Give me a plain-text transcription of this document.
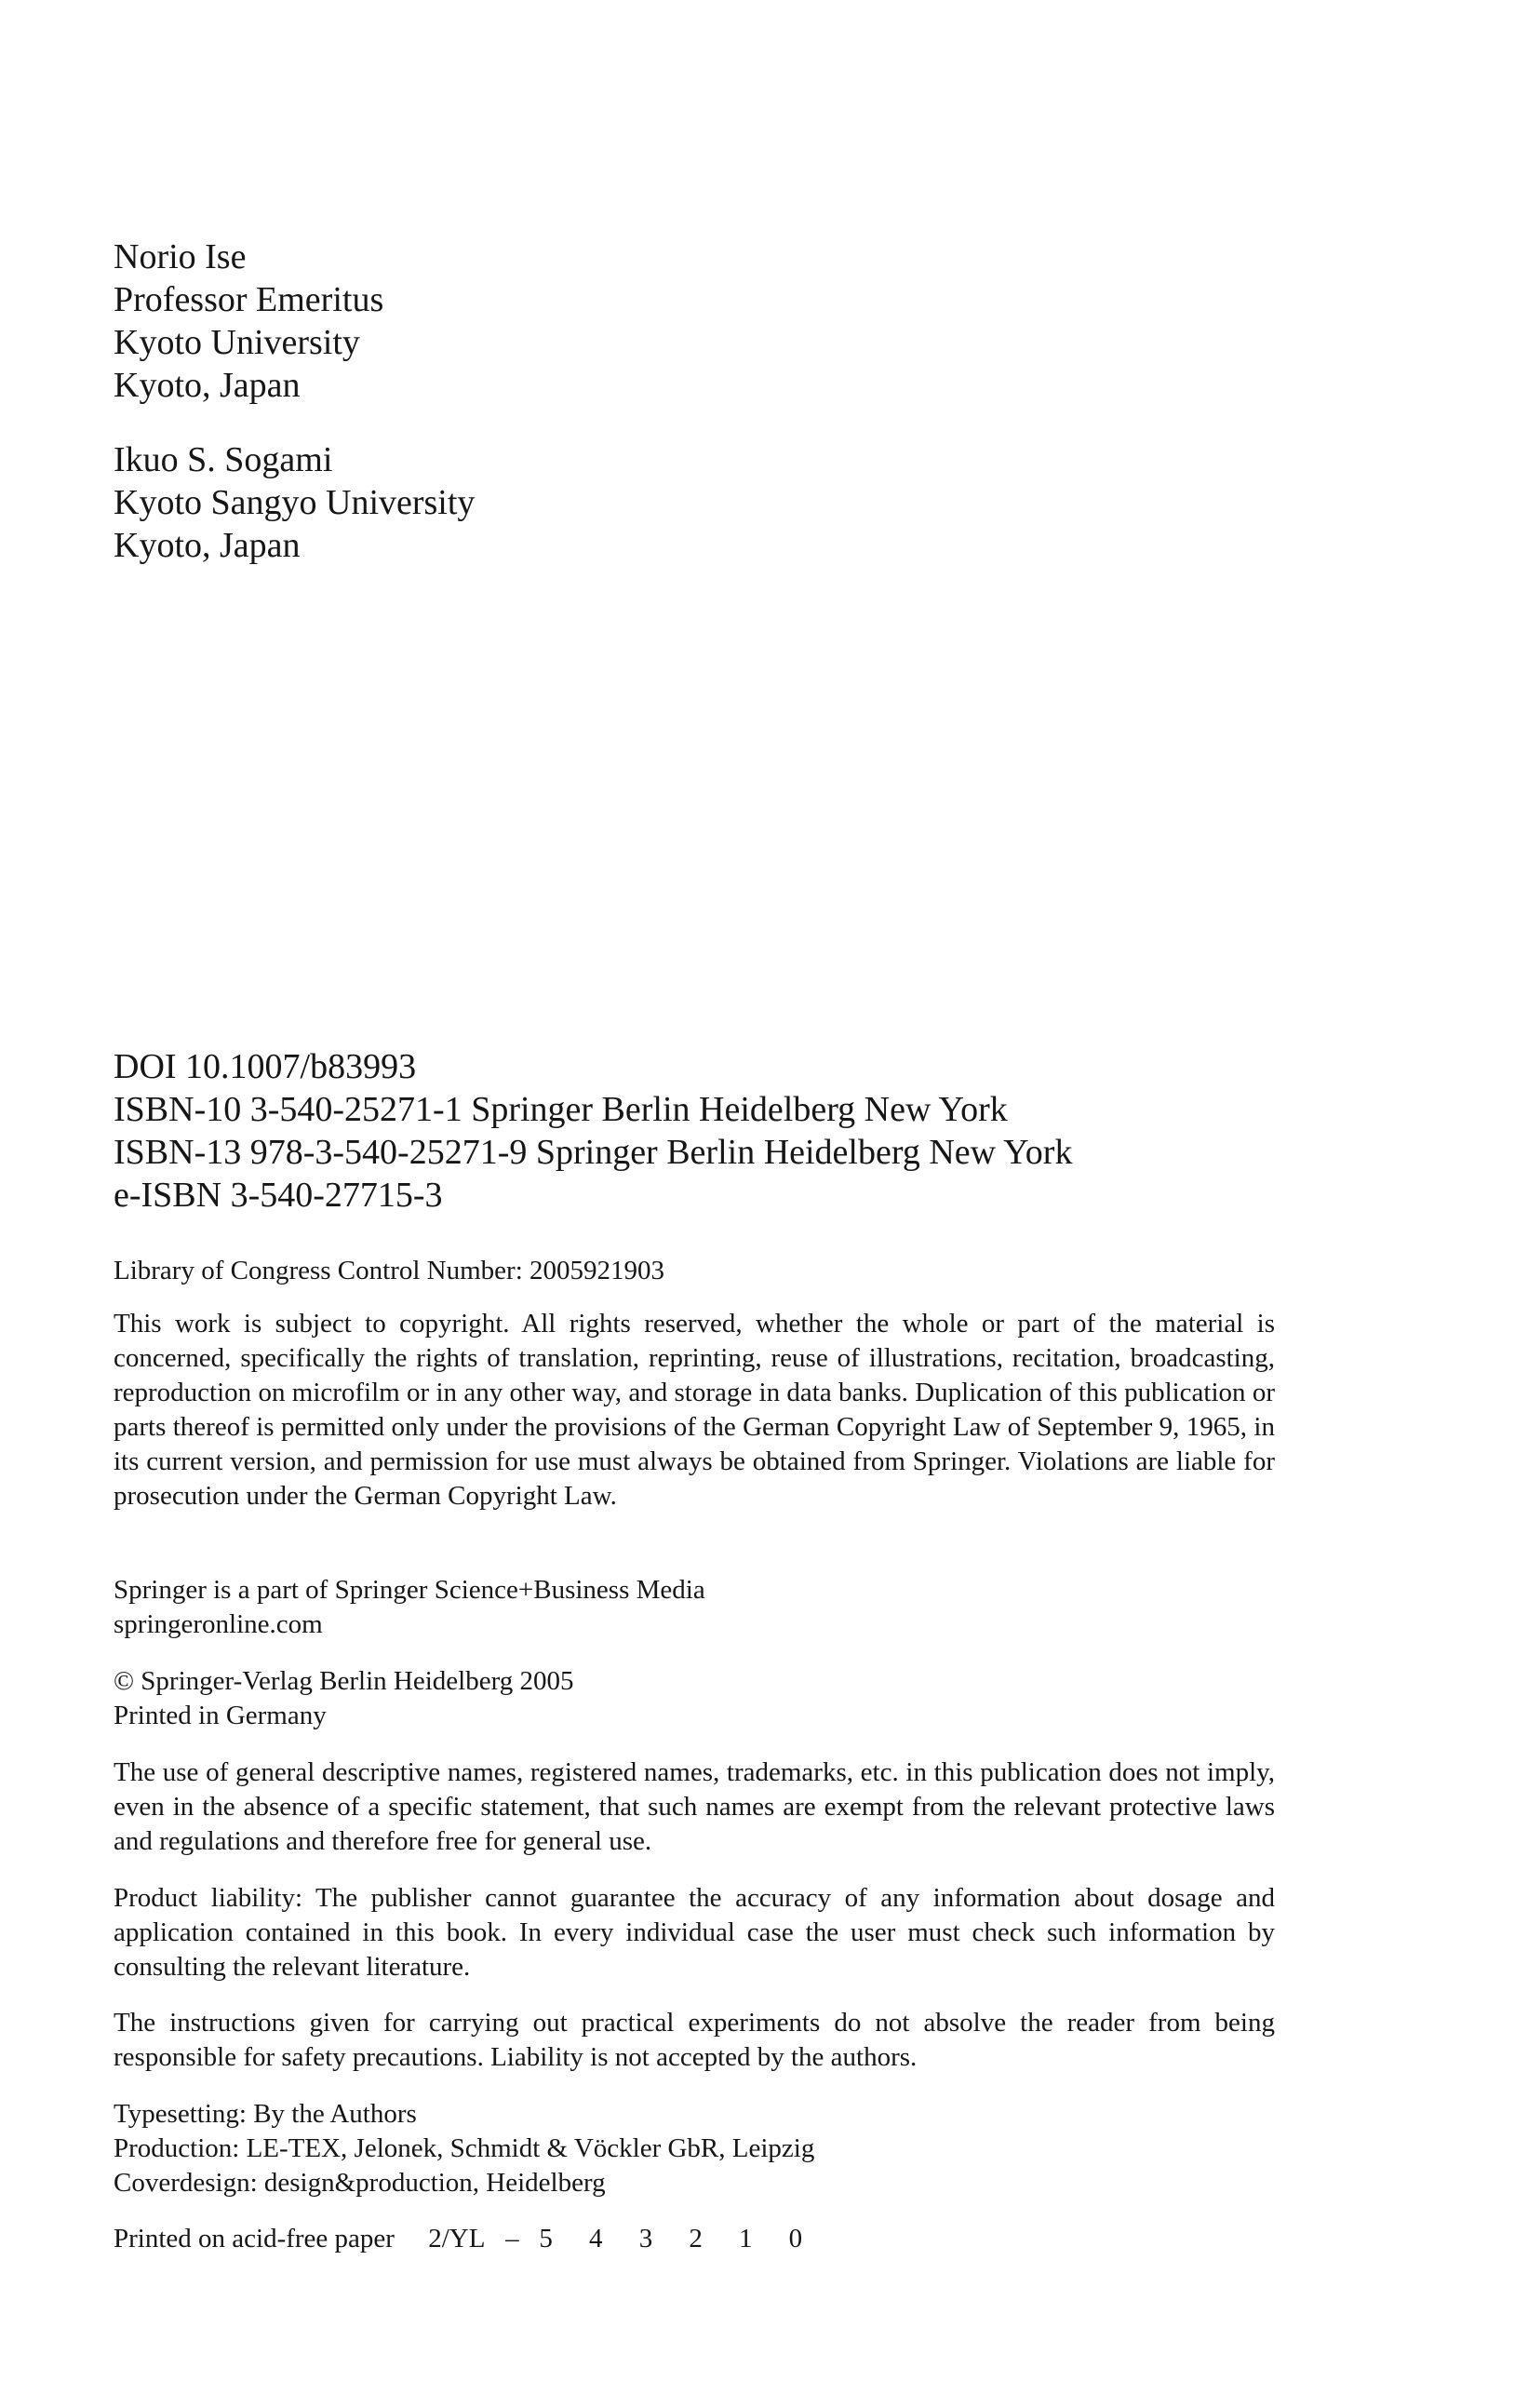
Norio Ise
Professor Emeritus
Kyoto University
Kyoto, Japan
Ikuo S. Sogami
Kyoto Sangyo University
Kyoto, Japan
DOI 10.1007/b83993
ISBN-10 3-540-25271-1 Springer Berlin Heidelberg New York
ISBN-13 978-3-540-25271-9 Springer Berlin Heidelberg New York
e-ISBN 3-540-27715-3
Library of Congress Control Number: 2005921903
This work is subject to copyright. All rights reserved, whether the whole or part of the material is concerned, specifically the rights of translation, reprinting, reuse of illustrations, recitation, broadcasting, reproduction on microfilm or in any other way, and storage in data banks. Duplication of this publication or parts thereof is permitted only under the provisions of the German Copyright Law of September 9, 1965, in its current version, and permission for use must always be obtained from Springer. Violations are liable for prosecution under the German Copyright Law.
Springer is a part of Springer Science+Business Media
springeronline.com
© Springer-Verlag Berlin Heidelberg 2005
Printed in Germany
The use of general descriptive names, registered names, trademarks, etc. in this publication does not imply, even in the absence of a specific statement, that such names are exempt from the relevant protective laws and regulations and therefore free for general use.
Product liability: The publisher cannot guarantee the accuracy of any information about dosage and application contained in this book. In every individual case the user must check such information by consulting the relevant literature.
The instructions given for carrying out practical experiments do not absolve the reader from being responsible for safety precautions. Liability is not accepted by the authors.
Typesetting: By the Authors
Production: LE-TEX, Jelonek, Schmidt & Vöckler GbR, Leipzig
Coverdesign: design&production, Heidelberg
Printed on acid-free paper 2/YL – 5 4 3 2 1 0
